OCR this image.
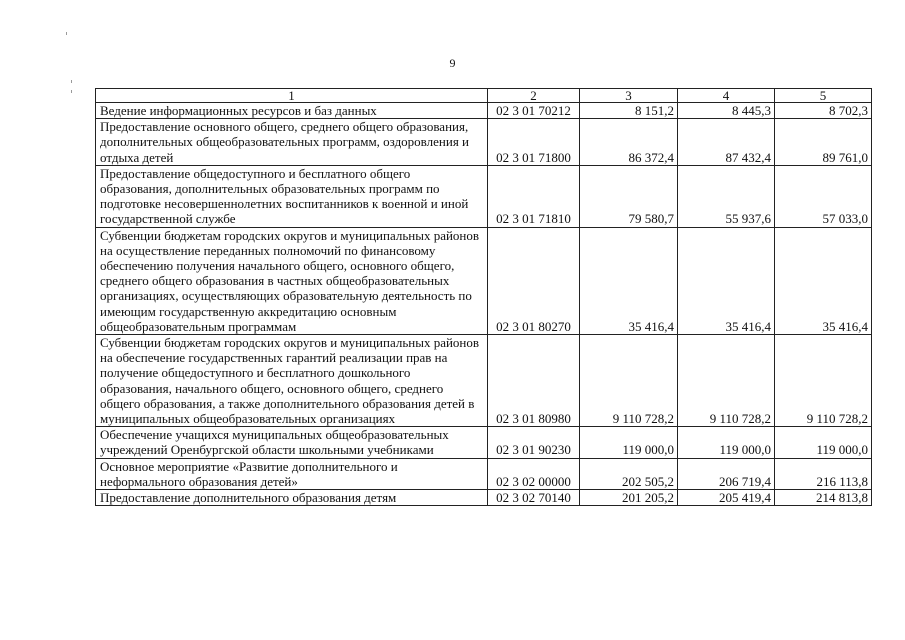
9
1	2	3	4	5
Ведение информационных ресурсов и баз данных	02 3 01 70212	8 151,2	8 445,3	8 702,3
Предоставление основного общего, среднего общего образования, дополнительных общеобразовательных программ, оздоровления и отдыха детей	02 3 01 71800	86 372,4	87 432,4	89 761,0
Предоставление общедоступного и бесплатного общего образования, дополнительных образовательных программ по подготовке несовершеннолетних воспитанников к военной и иной государственной службе	02 3 01 71810	79 580,7	55 937,6	57 033,0
Субвенции бюджетам городских округов и муниципальных районов на осуществление переданных полномочий по финансовому обеспечению получения начального общего, основного общего, среднего общего образования в частных общеобразовательных организациях, осуществляющих образовательную деятельность по имеющим государственную аккредитацию основным общеобразовательным программам	02 3 01 80270	35 416,4	35 416,4	35 416,4
Субвенции бюджетам городских округов и муниципальных районов на обеспечение государственных гарантий реализации прав на получение общедоступного и бесплатного дошкольного образования, начального общего, основного общего, среднего общего образования, а также дополнительного образования детей в муниципальных общеобразовательных организациях	02 3 01 80980	9 110 728,2	9 110 728,2	9 110 728,2
Обеспечение учащихся муниципальных общеобразовательных учреждений Оренбургской области школьными учебниками	02 3 01 90230	119 000,0	119 000,0	119 000,0
Основное мероприятие «Развитие дополнительного и неформального образования детей»	02 3 02 00000	202 505,2	206 719,4	216 113,8
Предоставление дополнительного образования детям	02 3 02 70140	201 205,2	205 419,4	214 813,8
